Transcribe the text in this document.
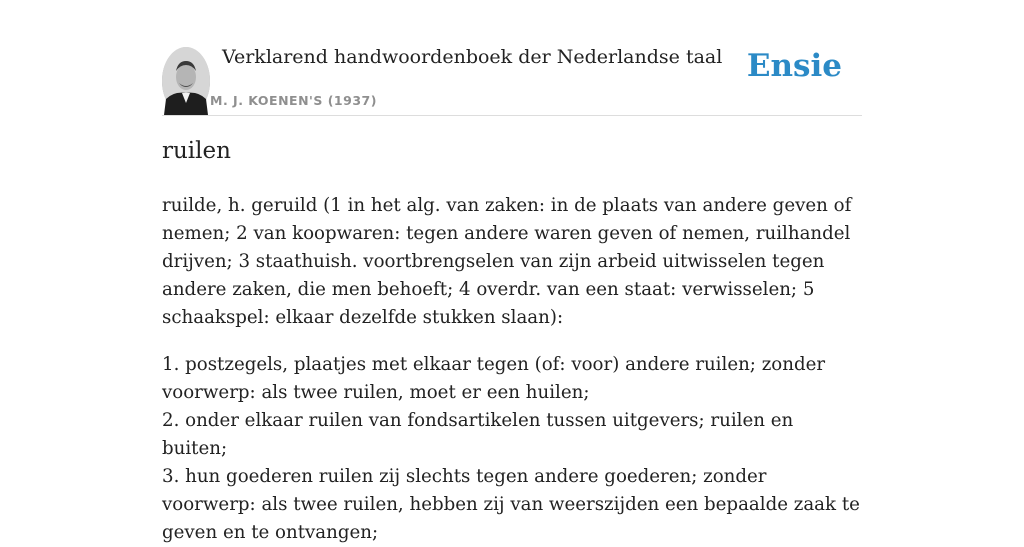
Verklarend handwoordenboek der Nederlandse taal
M. J. KOENEN'S (1937)
Ensie
ruilen

ruilde, h. geruild (1 in het alg. van zaken: in de plaats van andere geven of nemen; 2 van koopwaren: tegen andere waren geven of nemen, ruilhandel drijven; 3 staathuish. voortbrengselen van zijn arbeid uitwisselen tegen andere zaken, die men behoeft; 4 overdr. van een staat: verwisselen; 5 schaakspel: elkaar dezelfde stukken slaan):

1. postzegels, plaatjes met elkaar tegen (of: voor) andere ruilen; zonder voorwerp: als twee ruilen, moet er een huilen;
2. onder elkaar ruilen van fondsartikelen tussen uitgevers; ruilen en buiten;
3. hun goederen ruilen zij slechts tegen andere goederen; zonder voorwerp: als twee ruilen, hebben zij van weerszijden een bepaalde zaak te geven en te ontvangen;
